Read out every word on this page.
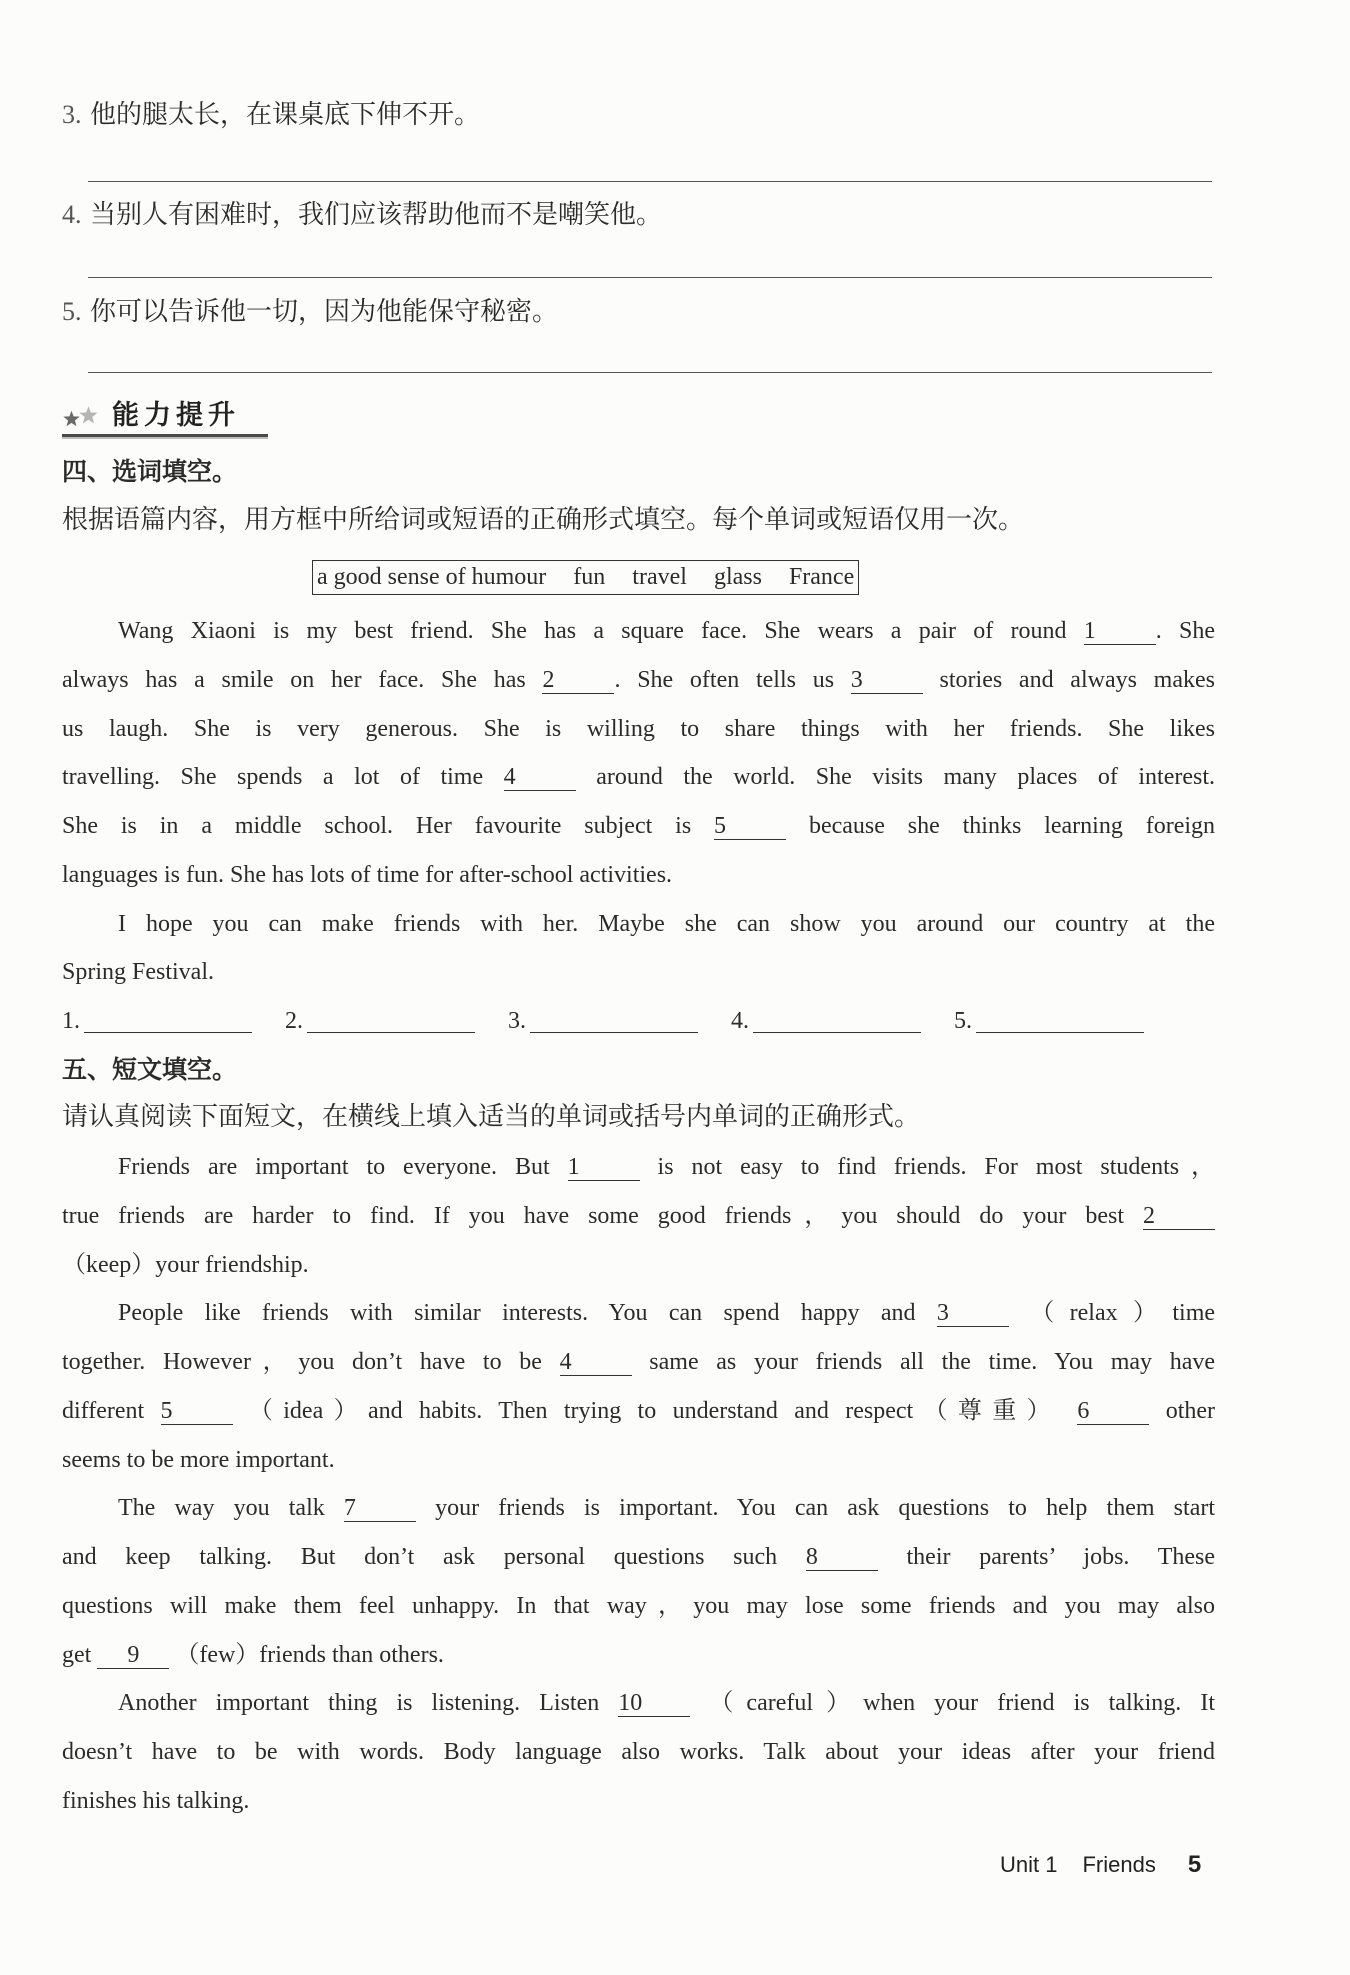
3. 他的腿太长，在课桌底下伸不开。
4. 当别人有困难时，我们应该帮助他而不是嘲笑他。
5. 你可以告诉他一切，因为他能保守秘密。
能力提升
四、选词填空。
根据语篇内容，用方框中所给词或短语的正确形式填空。每个单词或短语仅用一次。
a good sense of humour fun travel glass France
Wang Xiaoni is my best friend. She has a square face. She wears a pair of round 1	. She
always has a smile on her face. She has 2	. She often tells us 3	stories and always makes
us laugh. She is very generous. She is willing to share things with her friends. She likes
travelling. She spends a lot of time 4	around the world. She visits many places of interest.
She is in a middle school. Her favourite subject is 5	because she thinks learning foreign
languages is fun. She has lots of time for after-school activities.
I hope you can make friends with her. Maybe she can show you around our country at the
Spring Festival.
1.	2.	3.	4.	5.
五、短文填空。
请认真阅读下面短文，在横线上填入适当的单词或括号内单词的正确形式。
Friends are important to everyone. But 1	is not easy to find friends. For most students，
true friends are harder to find. If you have some good friends，you should do your best 2
（keep）your friendship.
People like friends with similar interests. You can spend happy and 3	（relax）time
together. However，you don’t have to be 4	same as your friends all the time. You may have
different 5	（idea）and habits. Then trying to understand and respect（尊重） 6	other
seems to be more important.
The way you talk 7	your friends is important. You can ask questions to help them start
and keep talking. But don’t ask personal questions such 8	their parents’ jobs. These
questions will make them feel unhappy. In that way，you may lose some friends and you may also
get 9 （few）friends than others.
Another important thing is listening. Listen 10	（careful）when your friend is talking. It
doesn’t have to be with words. Body language also works. Talk about your ideas after your friend
finishes his talking.
Unit 1 Friends 5
